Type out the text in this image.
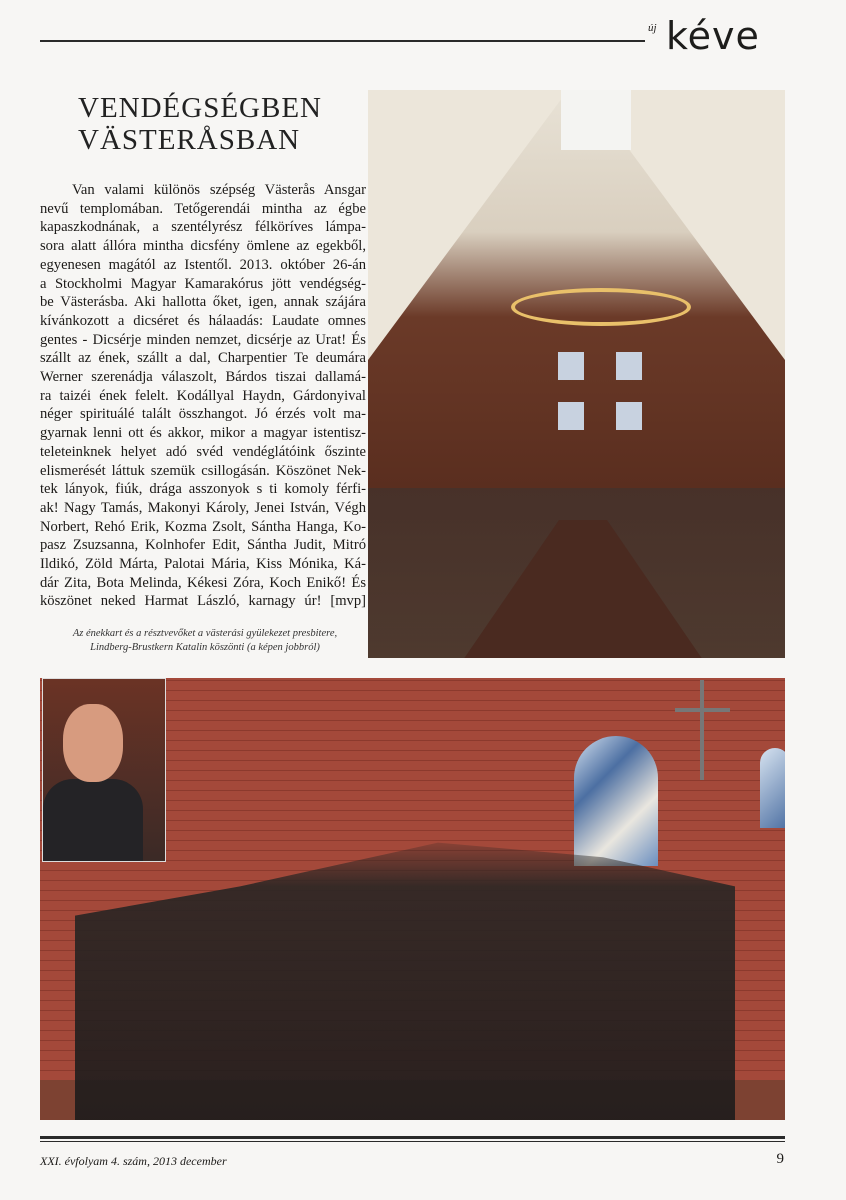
új kéve
VENDÉGSÉGBEN
VÄSTERÅSBAN
Van valami különös szépség Västerås Ansgar
nevű templomában. Tetőgerendái mintha az égbe
kapaszkodnának, a szentélyrész félköríves lámpa-
sora alatt állóra mintha dicsfény ömlene az egekből,
egyenesen magától az Istentől. 2013. október 26-án
a Stockholmi Magyar Kamarakórus jött vendégség-
be Västerásba. Aki hallotta őket, igen, annak szájára
kívánkozott a dicséret és hálaadás: Laudate omnes
gentes - Dicsérje minden nemzet, dicsérje az Urat! És
szállt az ének, szállt a dal, Charpentier Te deumára
Werner szerenádja válaszolt, Bárdos tiszai dallamá-
ra taizéi ének felelt. Kodállyal Haydn, Gárdonyival
néger spirituálé talált összhangot. Jó érzés volt ma-
gyarnak lenni ott és akkor, mikor a magyar istentisz-
teleteinknek helyet adó svéd vendéglátóink őszinte
elismerését láttuk szemük csillogásán. Köszönet Nek-
tek lányok, fiúk, drága asszonyok s ti komoly férfi-
ak! Nagy Tamás, Makonyi Károly, Jenei István, Végh
Norbert, Rehó Erik, Kozma Zsolt, Sántha Hanga, Ko-
pasz Zsuzsanna, Kolnhofer Edit, Sántha Judit, Mitró
Ildikó, Zöld Márta, Palotai Mária, Kiss Mónika, Ká-
dár Zita, Bota Melinda, Kékesi Zóra, Koch Enikő! És
köszönet neked Harmat László, karnagy úr! [mvp]
Az énekkart és a résztvevőket a västerási gyülekezet presbitere,
Lindberg-Brustkern Katalin köszönti (a képen jobbról)
XXI. évfolyam 4. szám, 2013 december	9
